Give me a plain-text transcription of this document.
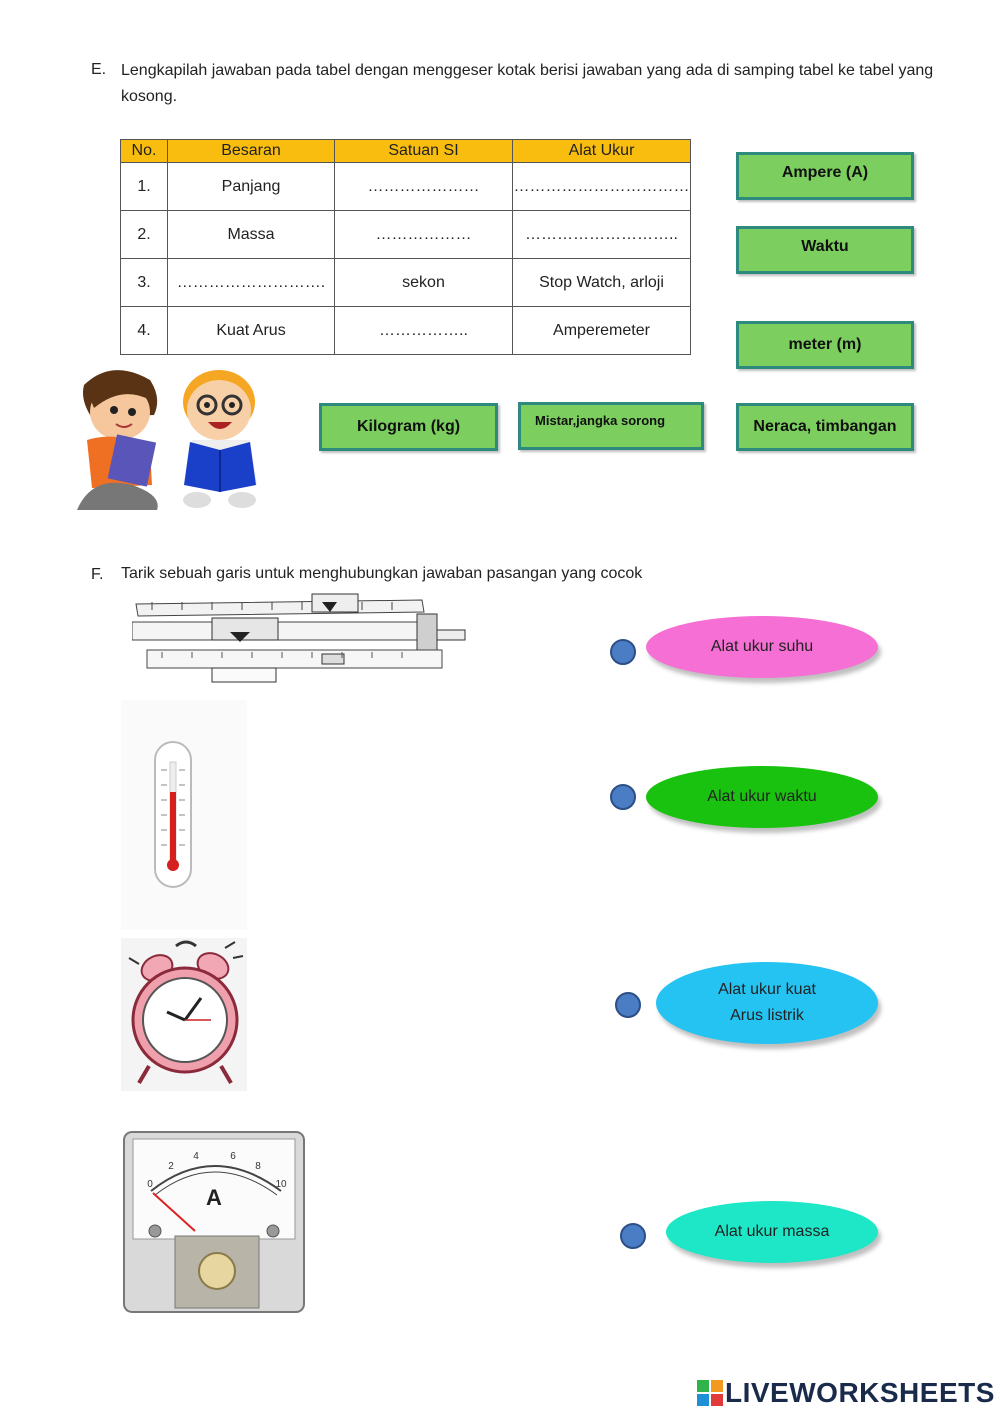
E. Lengkapilah jawaban pada tabel dengan menggeser kotak berisi jawaban yang ada di samping tabel ke tabel yang kosong.
No.	Besaran	Satuan SI	Alat Ukur
1.	Panjang	…………………	……………………………
2.	Massa	………………	………………………..
3.	……………………….	sekon	Stop Watch, arloji
4.	Kuat Arus	……………..	Amperemeter
Ampere (A)
Waktu
meter (m)
Kilogram (kg)	Mistar,jangka sorong	Neraca, timbangan
F. Tarik sebuah garis untuk menghubungkan jawaban pasangan yang cocok
0
2
4	6
8
10
A
Alat ukur suhu
Alat ukur waktu
Alat ukur kuat
Arus listrik
Alat ukur massa
LIVEWORKSHEETS
